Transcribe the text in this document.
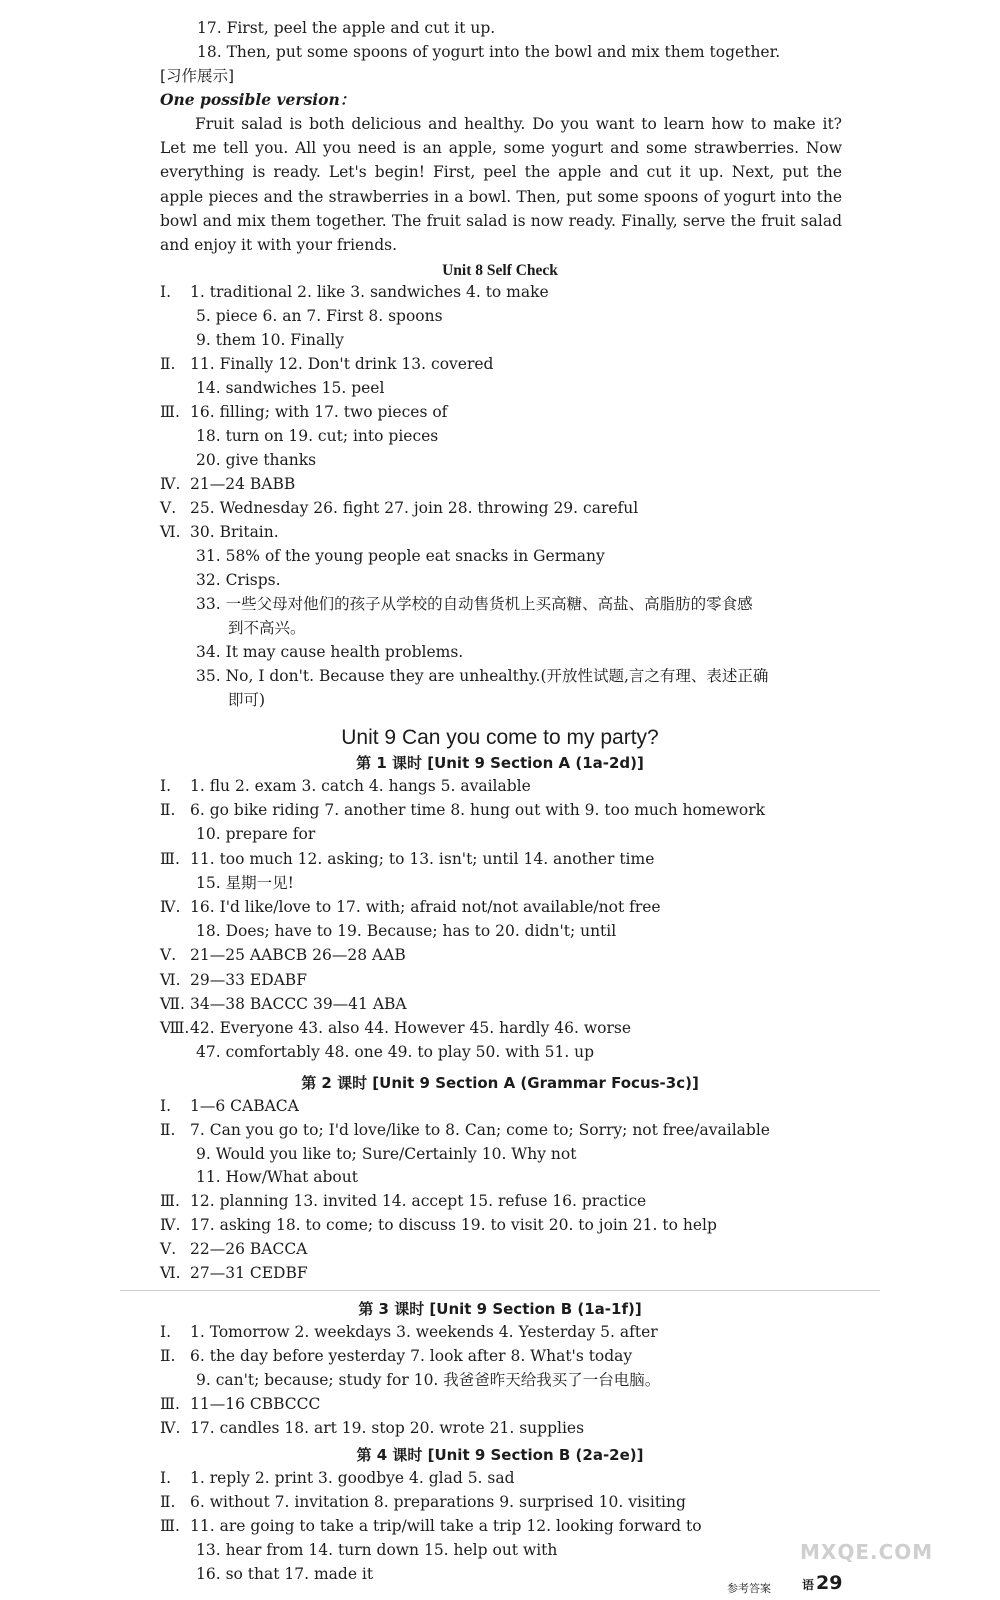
17. First, peel the apple and cut it up.
18. Then, put some spoons of yogurt into the bowl and mix them together.
[习作展示]
One possible version：
Fruit salad is both delicious and healthy. Do you want to learn how to make it? Let me tell you. All you need is an apple, some yogurt and some strawberries. Now everything is ready. Let's begin! First, peel the apple and cut it up. Next, put the apple pieces and the strawberries in a bowl. Then, put some spoons of yogurt into the bowl and mix them together. The fruit salad is now ready. Finally, serve the fruit salad and enjoy it with your friends.
Unit 8 Self Check
Ⅰ.	1. traditional 2. like 3. sandwiches 4. to make
5. piece 6. an 7. First 8. spoons
9. them 10. Finally
Ⅱ. 11. Finally 12. Don't drink 13. covered
14. sandwiches 15. peel
Ⅲ. 16. filling; with 17. two pieces of
18. turn on 19. cut; into pieces
20. give thanks
Ⅳ. 21—24 BABB
Ⅴ. 25. Wednesday 26. fight 27. join 28. throwing 29. careful
Ⅵ. 30. Britain.
31. 58% of the young people eat snacks in Germany
32. Crisps.
33. 一些父母对他们的孩子从学校的自动售货机上买高糖、高盐、高脂肪的零食感
到不高兴。
34. It may cause health problems.
35. No, I don't. Because they are unhealthy.(开放性试题,言之有理、表述正确
即可)
Unit 9 Can you come to my party?
第 1 课时 [Unit 9 Section A (1a-2d)]
Ⅰ.	1. flu 2. exam 3. catch 4. hangs 5. available
Ⅱ. 6. go bike riding 7. another time 8. hung out with 9. too much homework
10. prepare for
Ⅲ. 11. too much 12. asking; to 13. isn't; until 14. another time
15. 星期一见!
Ⅳ. 16. I'd like/love to 17. with; afraid not/not available/not free
18. Does; have to 19. Because; has to 20. didn't; until
Ⅴ. 21—25 AABCB 26—28 AAB
Ⅵ. 29—33 EDABF
Ⅶ. 34—38 BACCC 39—41 ABA
Ⅷ. 42. Everyone 43. also 44. However 45. hardly 46. worse
47. comfortably 48. one 49. to play 50. with 51. up
第 2 课时 [Unit 9 Section A (Grammar Focus-3c)]
Ⅰ.	1—6 CABACA
Ⅱ. 7. Can you go to; I'd love/like to 8. Can; come to; Sorry; not free/available
9. Would you like to; Sure/Certainly 10. Why not
11. How/What about
Ⅲ. 12. planning 13. invited 14. accept 15. refuse 16. practice
Ⅳ. 17. asking 18. to come; to discuss 19. to visit 20. to join 21. to help
Ⅴ. 22—26 BACCA
Ⅵ. 27—31 CEDBF
第 3 课时 [Unit 9 Section B (1a-1f)]
Ⅰ.	1. Tomorrow 2. weekdays 3. weekends 4. Yesterday 5. after
Ⅱ. 6. the day before yesterday 7. look after 8. What's today
9. can't; because; study for 10. 我爸爸昨天给我买了一台电脑。
Ⅲ. 11—16 CBBCCC
Ⅳ. 17. candles 18. art 19. stop 20. wrote 21. supplies
第 4 课时 [Unit 9 Section B (2a-2e)]
Ⅰ.	1. reply 2. print 3. goodbye 4. glad 5. sad
Ⅱ. 6. without 7. invitation 8. preparations 9. surprised 10. visiting
Ⅲ. 11. are going to take a trip/will take a trip 12. looking forward to
13. hear from 14. turn down 15. help out with
16. so that 17. made it
MXQE.COM
参考答案	语 29
